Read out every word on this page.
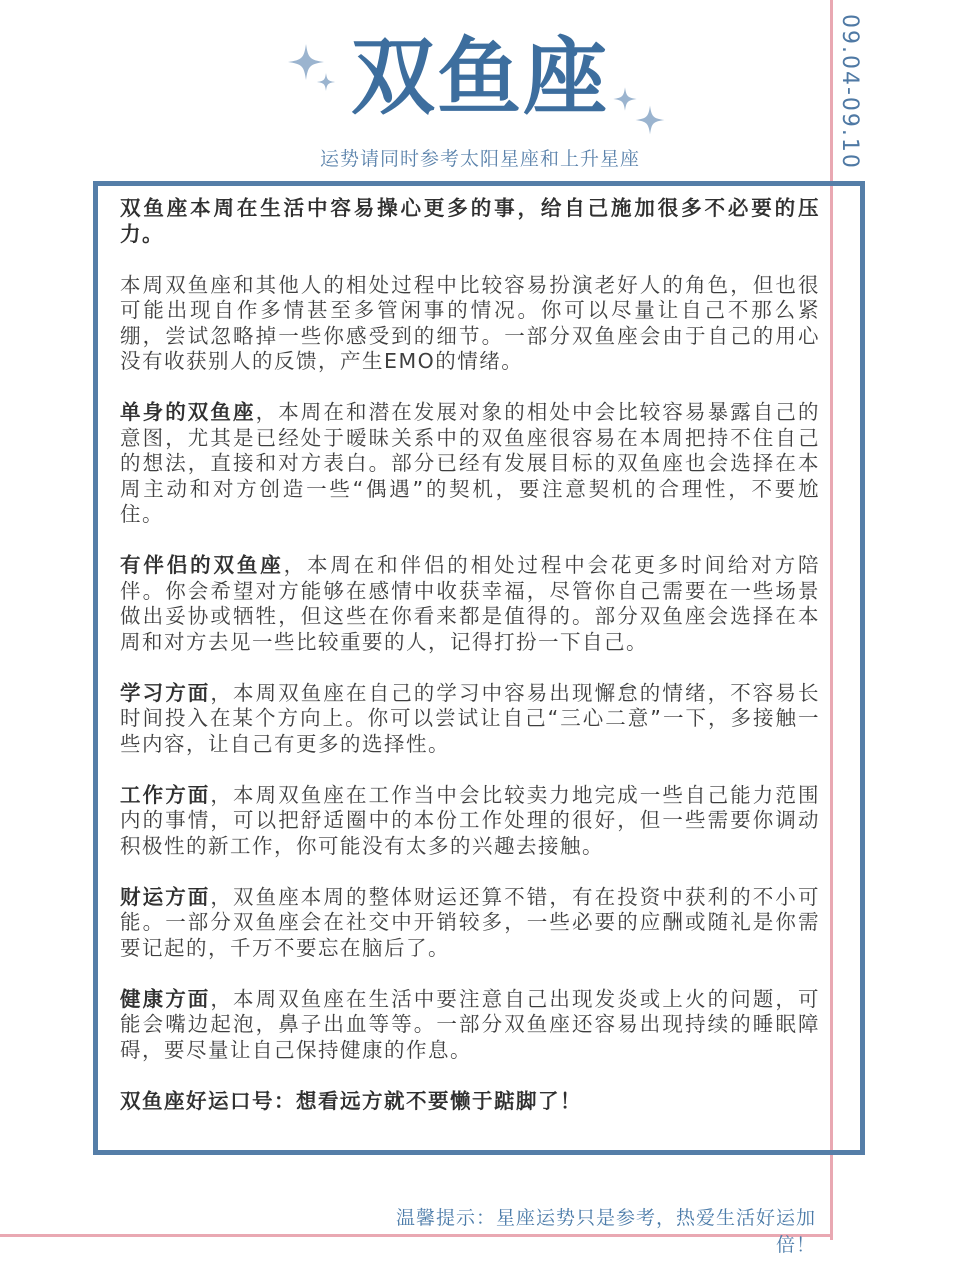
09.04-09.10
双鱼座
运势请同时参考太阳星座和上升星座

双鱼座本周在生活中容易操心更多的事，给自己施加很多不必要的压力。

本周双鱼座和其他人的相处过程中比较容易扮演老好人的角色，但也很可能出现自作多情甚至多管闲事的情况。你可以尽量让自己不那么紧绷，尝试忽略掉一些你感受到的细节。一部分双鱼座会由于自己的用心没有收获别人的反馈，产生EMO的情绪。

单身的双鱼座，本周在和潜在发展对象的相处中会比较容易暴露自己的意图，尤其是已经处于暧昧关系中的双鱼座很容易在本周把持不住自己的想法，直接和对方表白。部分已经有发展目标的双鱼座也会选择在本周主动和对方创造一些“偶遇”的契机，要注意契机的合理性，不要尬住。

有伴侣的双鱼座，本周在和伴侣的相处过程中会花更多时间给对方陪伴。你会希望对方能够在感情中收获幸福，尽管你自己需要在一些场景做出妥协或牺牲，但这些在你看来都是值得的。部分双鱼座会选择在本周和对方去见一些比较重要的人，记得打扮一下自己。

学习方面，本周双鱼座在自己的学习中容易出现懈怠的情绪，不容易长时间投入在某个方向上。你可以尝试让自己“三心二意”一下，多接触一些内容，让自己有更多的选择性。

工作方面，本周双鱼座在工作当中会比较卖力地完成一些自己能力范围内的事情，可以把舒适圈中的本份工作处理的很好，但一些需要你调动积极性的新工作，你可能没有太多的兴趣去接触。

财运方面，双鱼座本周的整体财运还算不错，有在投资中获利的不小可能。一部分双鱼座会在社交中开销较多，一些必要的应酬或随礼是你需要记起的，千万不要忘在脑后了。

健康方面，本周双鱼座在生活中要注意自己出现发炎或上火的问题，可能会嘴边起泡，鼻子出血等等。一部分双鱼座还容易出现持续的睡眠障碍，要尽量让自己保持健康的作息。

双鱼座好运口号：想看远方就不要懒于踮脚了！

温馨提示：星座运势只是参考，热爱生活好运加倍！
